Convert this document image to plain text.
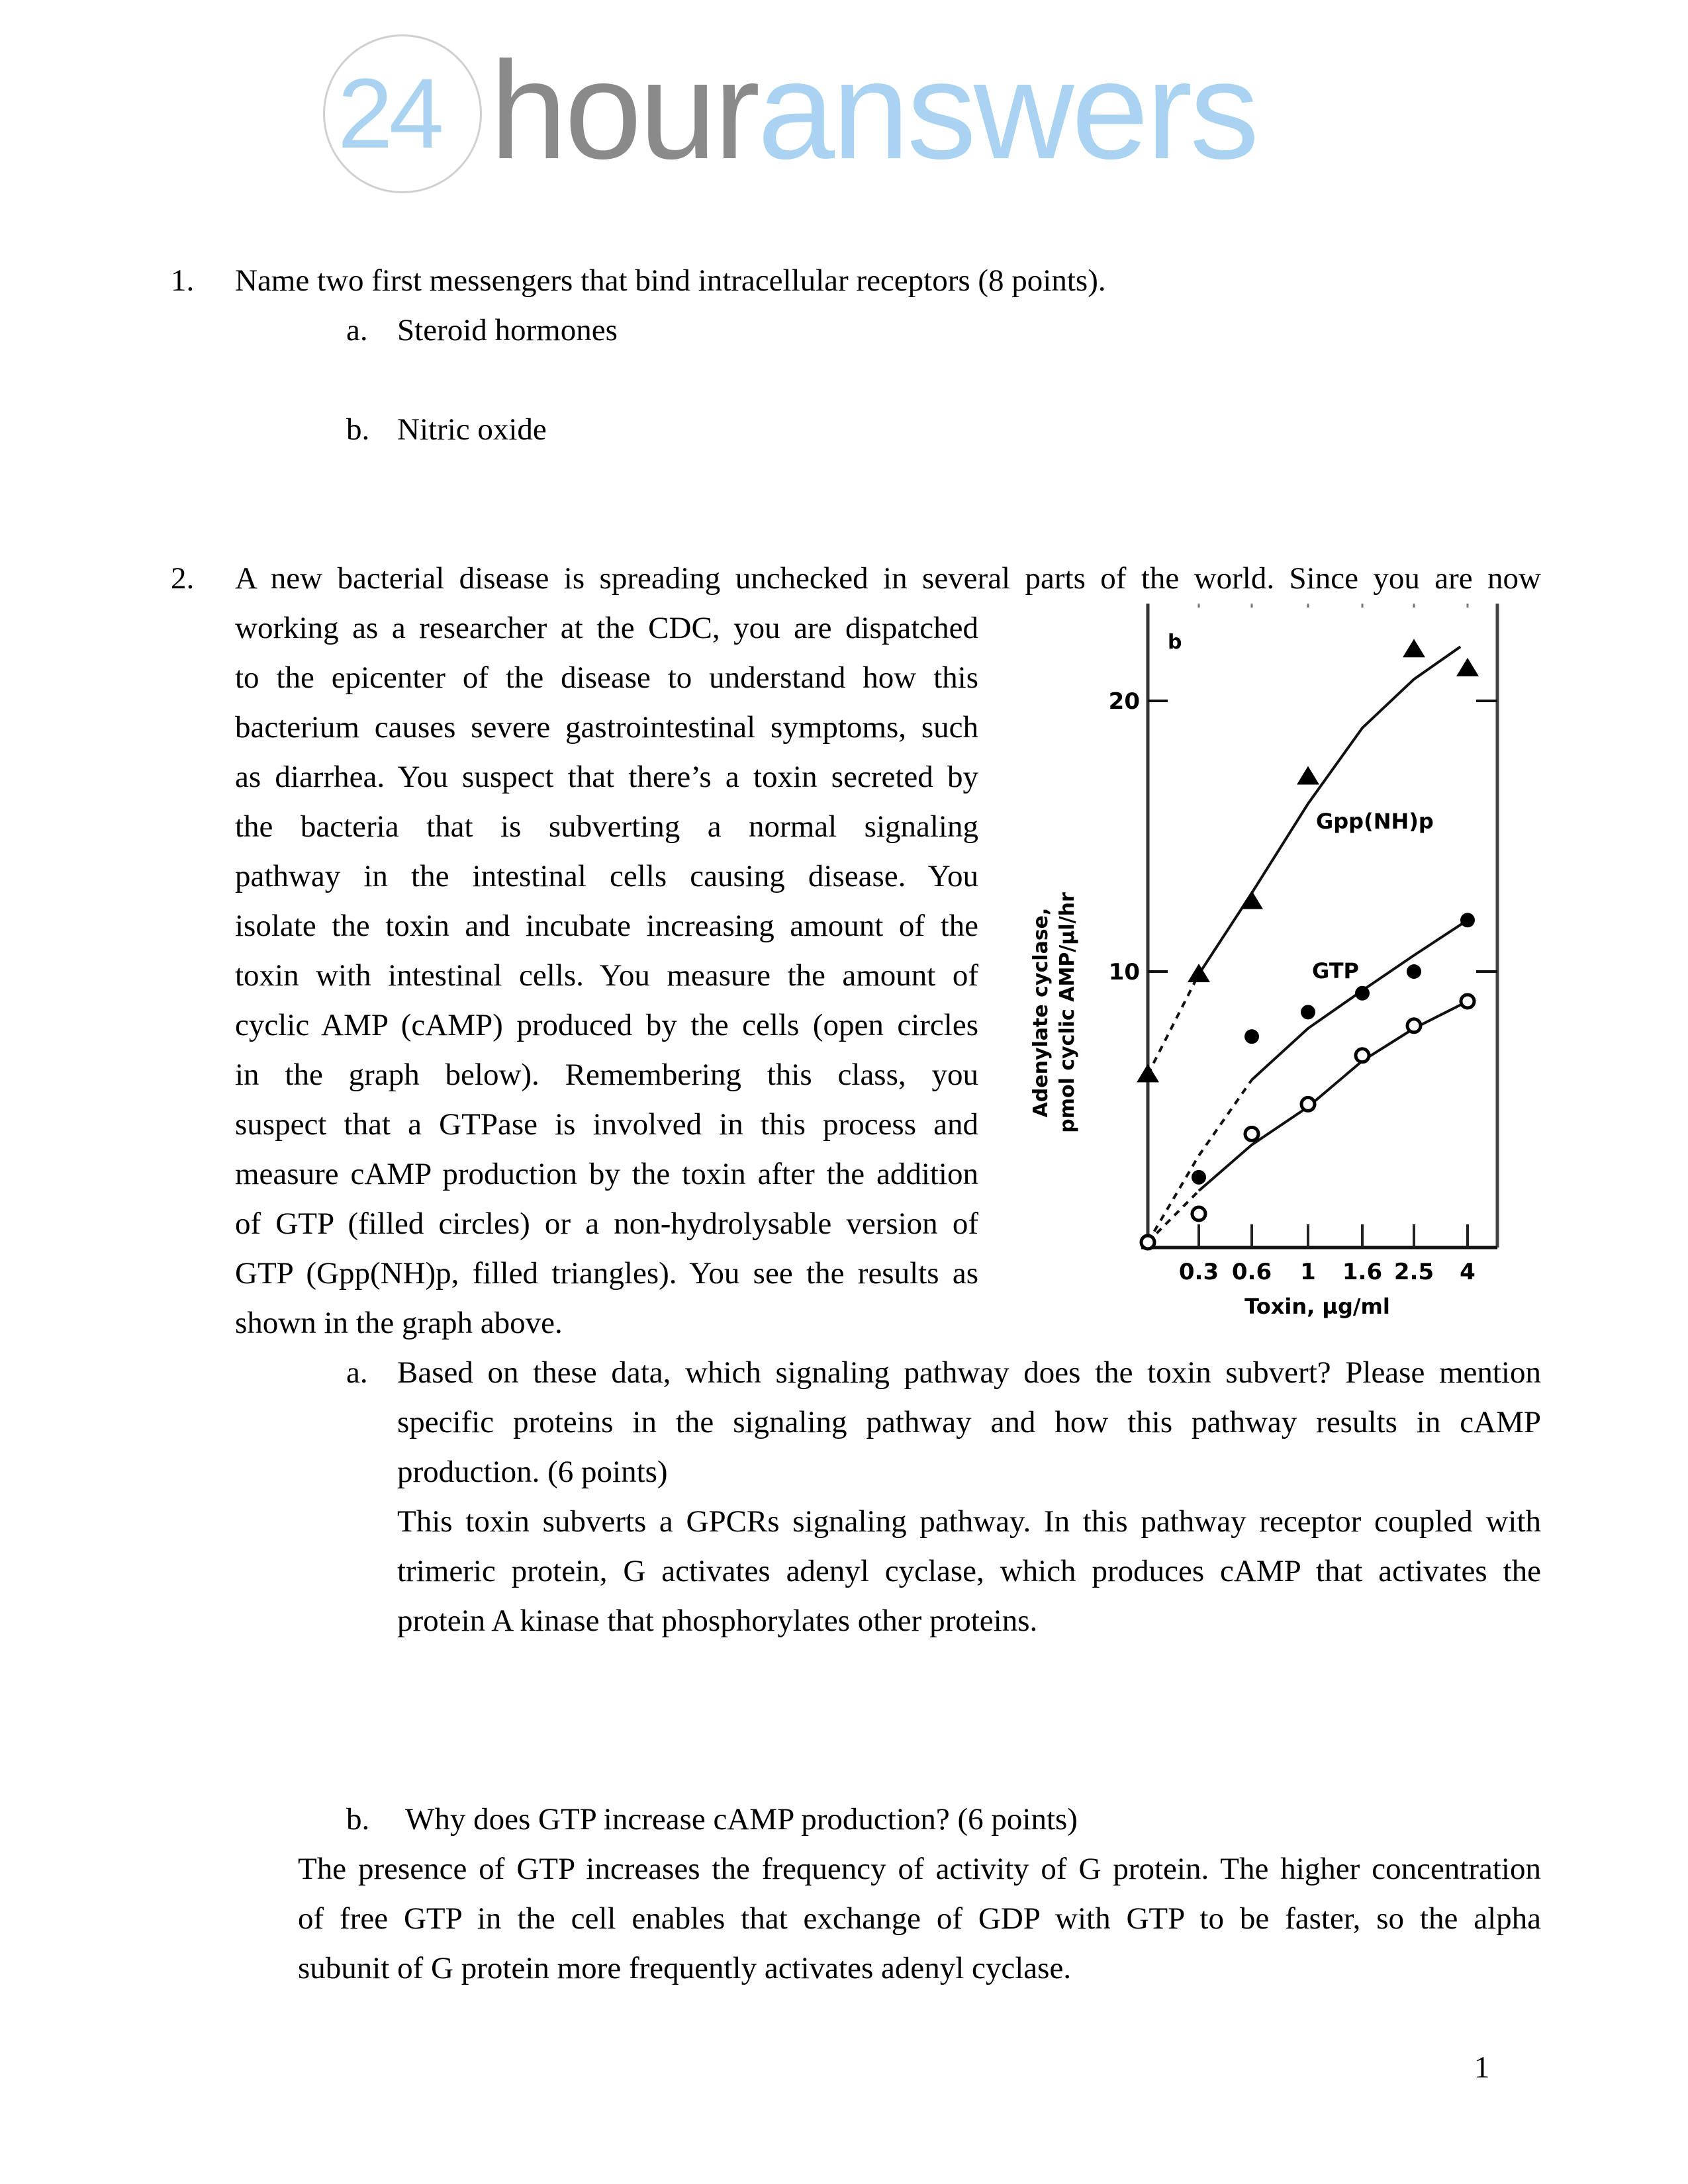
24 houranswers
1. Name two first messengers that bind intracellular receptors (8 points).
a. Steroid hormones
b. Nitric oxide
2. A new bacterial disease is spreading unchecked in several parts of the world. Since you are now
working as a researcher at the CDC, you are dispatched
to the epicenter of the disease to understand how this
bacterium causes severe gastrointestinal symptoms, such
as diarrhea. You suspect that there’s a toxin secreted by
the bacteria that is subverting a normal signaling
pathway in the intestinal cells causing disease. You
isolate the toxin and incubate increasing amount of the
toxin with intestinal cells. You measure the amount of
cyclic AMP (cAMP) produced by the cells (open circles
in the graph below). Remembering this class, you
suspect that a GTPase is involved in this process and
measure cAMP production by the toxin after the addition
of GTP (filled circles) or a non-hydrolysable version of
GTP (Gpp(NH)p, filled triangles). You see the results as
shown in the graph above.
a. Based on these data, which signaling pathway does the toxin subvert? Please mention
specific proteins in the signaling pathway and how this pathway results in cAMP
production. (6 points)
This toxin subverts a GPCRs signaling pathway. In this pathway receptor coupled with
trimeric protein, G activates adenyl cyclase, which produces cAMP that activates the
protein A kinase that phosphorylates other proteins.
b. Why does GTP increase cAMP production? (6 points)
The presence of GTP increases the frequency of activity of G protein. The higher concentration
of free GTP in the cell enables that exchange of GDP with GTP to be faster, so the alpha
subunit of G protein more frequently activates adenyl cyclase.
1
10
20
0.3 0.6 1 1.6 2.5 4
b
Adenylate cyclase, pmol cyclic AMP/µl/hr
Toxin, µg/ml
Gpp(NH)p
GTP
